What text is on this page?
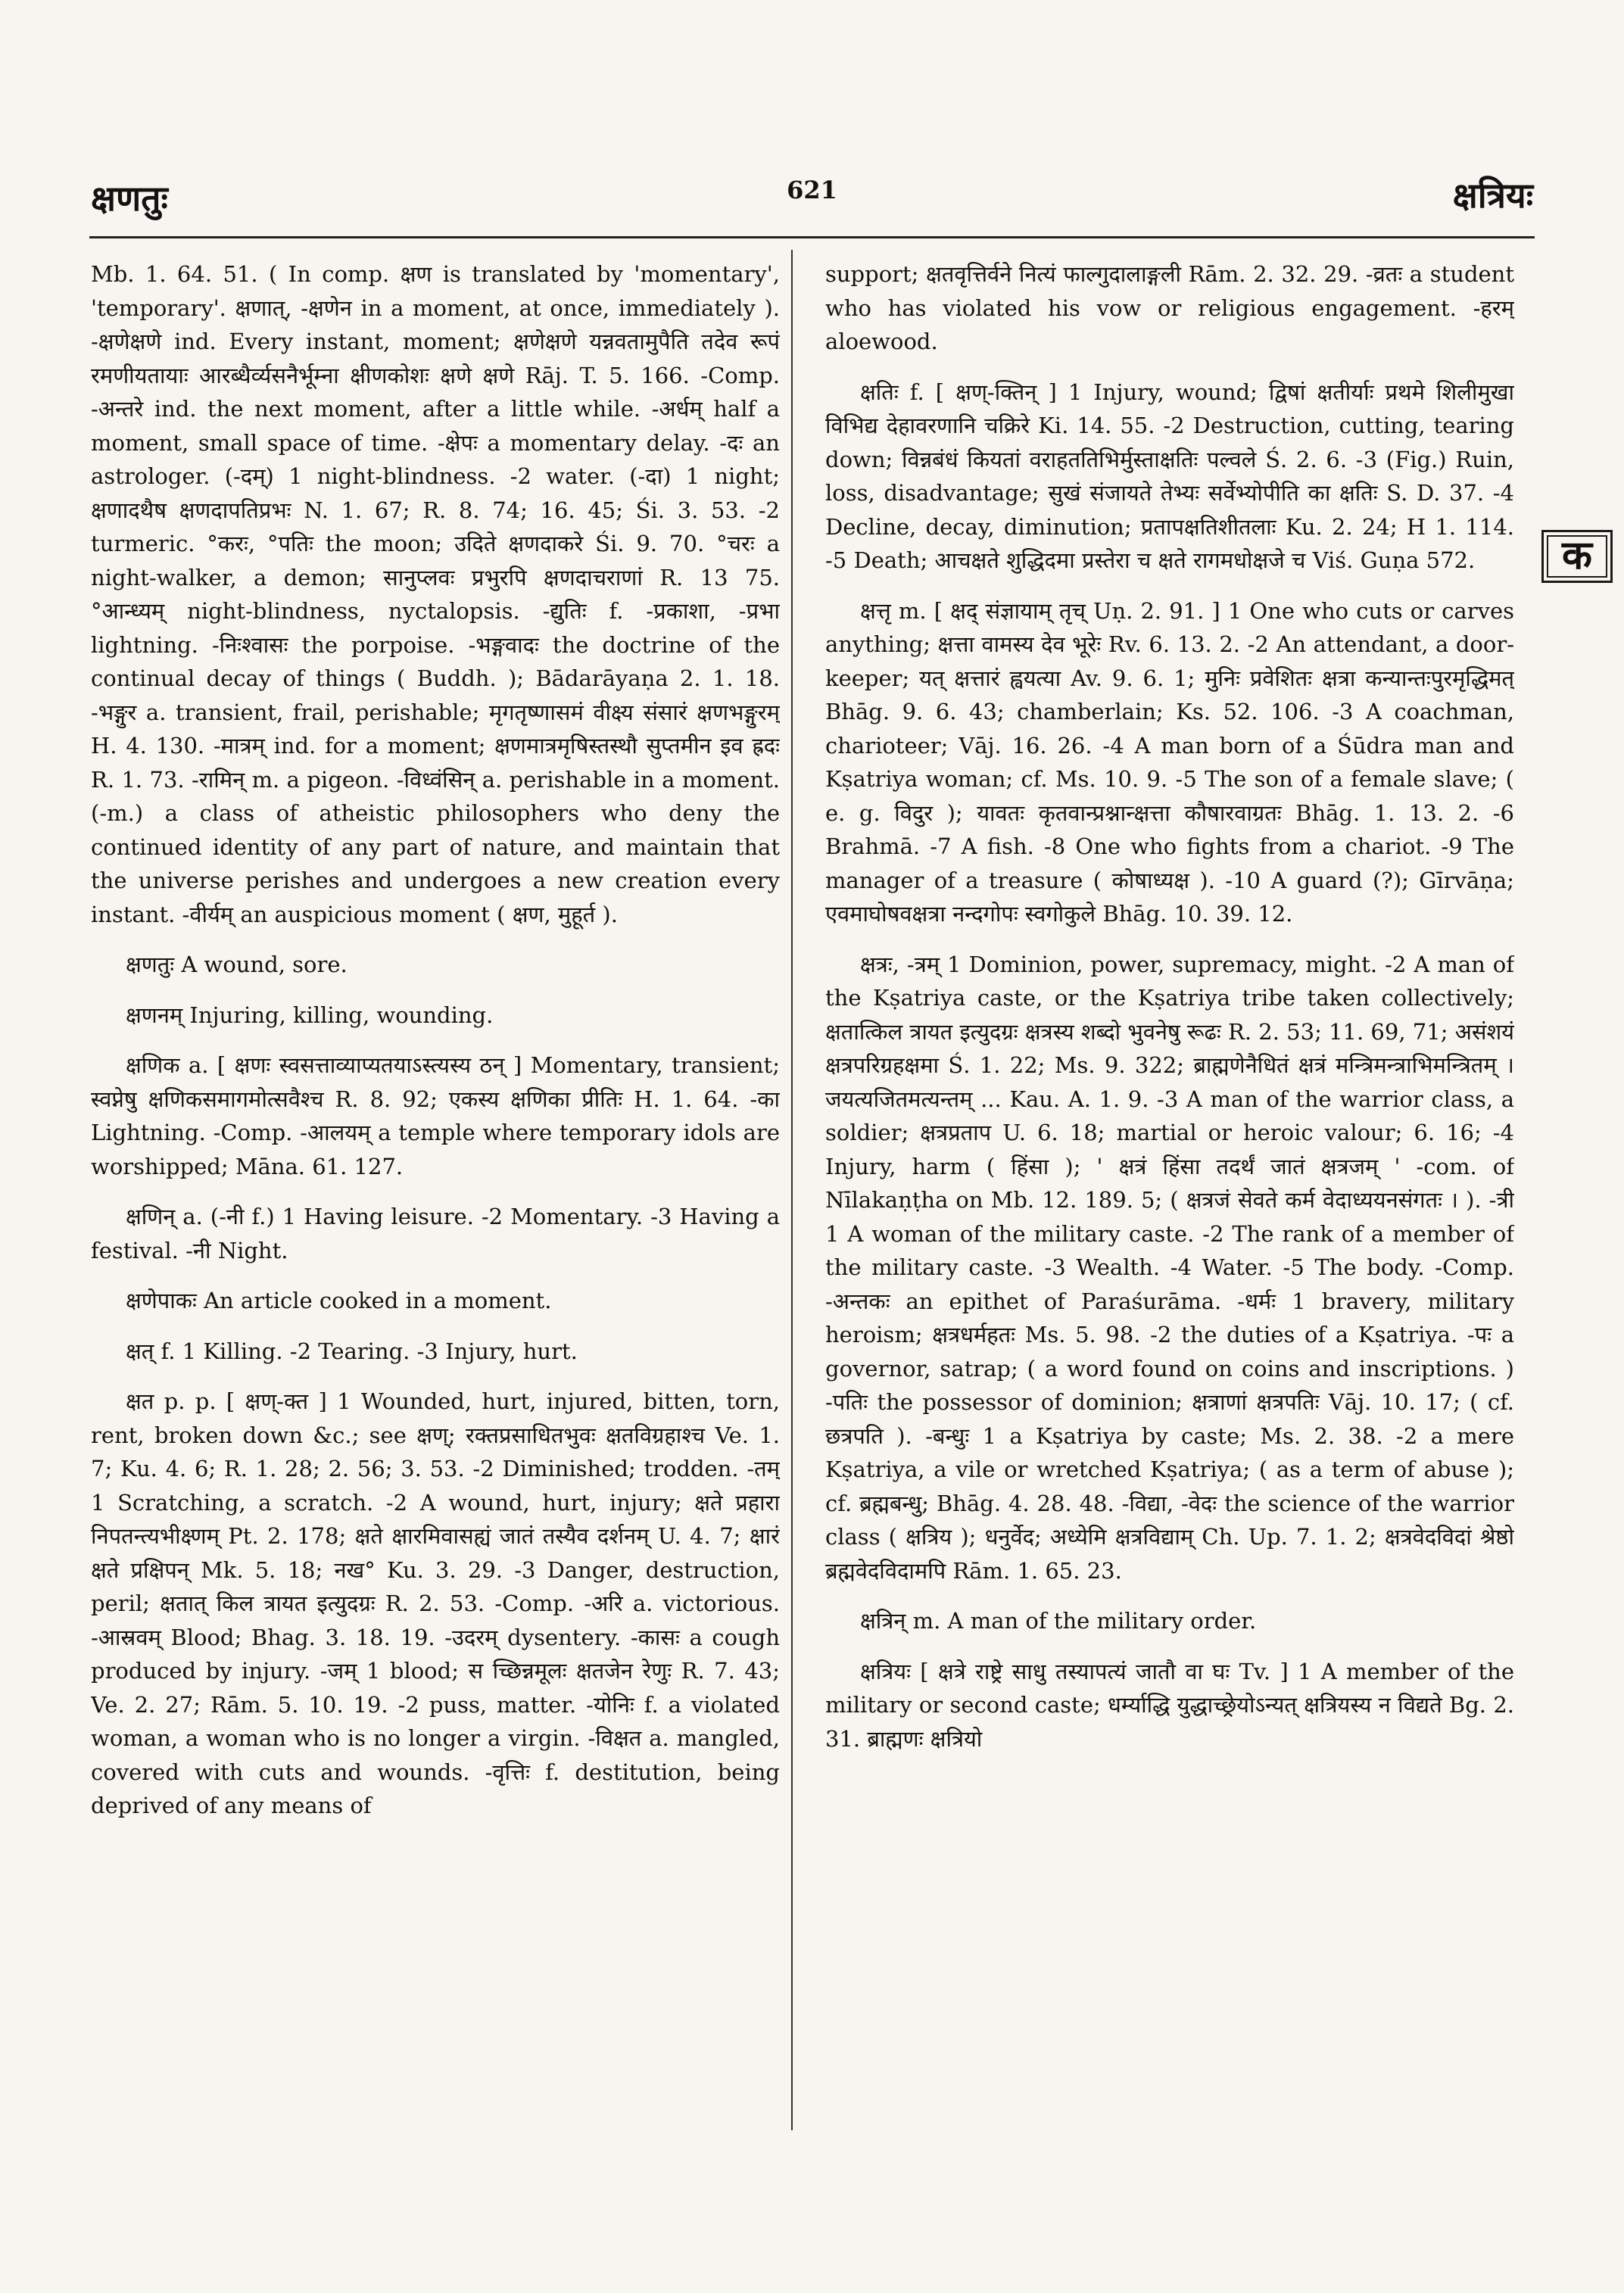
क्षणतुः	621	क्षत्रियः

Mb. 1. 64. 51. ( In comp. क्षण is translated by 'momentary', 'temporary'. क्षणात्, -क्षणेन in a moment, at once, immediately ). -क्षणेक्षणे ind. Every instant, moment; क्षणेक्षणे यन्नवतामुपैति तदेव रूपं रमणीयतायाः आरब्धैर्व्यसनैर्भूम्ना क्षीणकोशः क्षणे क्षणे Rāj. T. 5. 166. -Comp. -अन्तरे ind. the next moment, after a little while. -अर्धम् half a moment, small space of time. -क्षेपः a momentary delay. -दः an astrologer. (-दम्) 1 night-blindness. -2 water. (-दा) 1 night; क्षणादथैष क्षणदापतिप्रभः N. 1. 67; R. 8. 74; 16. 45; Śi. 3. 53. -2 turmeric. °करः, °पतिः the moon; उदिते क्षणदाकरे Śi. 9. 70. °चरः a night-walker, a demon; सानुप्लवः प्रभुरपि क्षणदाचराणां R. 13 75. °आन्ध्यम् night-blindness, nyctalopsis. -द्युतिः f. -प्रकाशा, -प्रभा lightning. -निःश्वासः the porpoise. -भङ्गवादः the doctrine of the continual decay of things ( Buddh. ); Bādarāyaṇa 2. 1. 18. -भङ्गुर a. transient, frail, perishable; मृगतृष्णासमं वीक्ष्य संसारं क्षणभङ्गुरम् H. 4. 130. -मात्रम् ind. for a moment; क्षणमात्रमृषिस्तस्थौ सुप्तमीन इव ह्रदः R. 1. 73. -रामिन् m. a pigeon. -विध्वंसिन् a. perishable in a moment. (-m.) a class of atheistic philosophers who deny the continued identity of any part of nature, and maintain that the universe perishes and undergoes a new creation every instant. -वीर्यम् an auspicious moment ( क्षण, मुहूर्त ).

क्षणतुः A wound, sore.

क्षणनम् Injuring, killing, wounding.

क्षणिक a. [ क्षणः स्वसत्ताव्याप्यतयाऽस्त्यस्य ठन् ] Momentary, transient; स्वप्नेषु क्षणिकसमागमोत्सवैश्च R. 8. 92; एकस्य क्षणिका प्रीतिः H. 1. 64. -का Lightning. -Comp. -आलयम् a temple where temporary idols are worshipped; Māna. 61. 127.

क्षणिन् a. (-नी f.) 1 Having leisure. -2 Momentary. -3 Having a festival. -नी Night.

क्षणेपाकः An article cooked in a moment.

क्षत् f. 1 Killing. -2 Tearing. -3 Injury, hurt.

क्षत p. p. [ क्षण्-क्त ] 1 Wounded, hurt, injured, bitten, torn, rent, broken down &c.; see क्षण्; रक्तप्रसाधितभुवः क्षतविग्रहाश्च Ve. 1. 7; Ku. 4. 6; R. 1. 28; 2. 56; 3. 53. -2 Diminished; trodden. -तम् 1 Scratching, a scratch. -2 A wound, hurt, injury; क्षते प्रहारा निपतन्त्यभीक्ष्णम् Pt. 2. 178; क्षते क्षारमिवासह्यं जातं तस्यैव दर्शनम् U. 4. 7; क्षारं क्षते प्रक्षिपन् Mk. 5. 18; नख° Ku. 3. 29. -3 Danger, destruction, peril; क्षतात् किल त्रायत इत्युदग्रः R. 2. 53. -Comp. -अरि a. victorious. -आस्रवम् Blood; Bhag. 3. 18. 19. -उदरम् dysentery. -कासः a cough produced by injury. -जम् 1 blood; स च्छिन्नमूलः क्षतजेन रेणुः R. 7. 43; Ve. 2. 27; Rām. 5. 10. 19. -2 puss, matter. -योनिः f. a violated woman, a woman who is no longer a virgin. -विक्षत a. mangled, covered with cuts and wounds. -वृत्तिः f. destitution, being deprived of any means of

support; क्षतवृत्तिर्वने नित्यं फाल्गुदालाङ्गली Rām. 2. 32. 29. -व्रतः a student who has violated his vow or religious engagement. -हरम् aloewood.

क्षतिः f. [ क्षण्-क्तिन् ] 1 Injury, wound; द्विषां क्षतीर्याः प्रथमे शिलीमुखा विभिद्य देहावरणानि चक्रिरे Ki. 14. 55. -2 Destruction, cutting, tearing down; विन्नबंधं कियतां वराहततिभिर्मुस्ताक्षतिः पल्वले Ś. 2. 6. -3 (Fig.) Ruin, loss, disadvantage; सुखं संजायते तेभ्यः सर्वेभ्योपीति का क्षतिः S. D. 37. -4 Decline, decay, diminution; प्रतापक्षतिशीतलाः Ku. 2. 24; H 1. 114. -5 Death; आचक्षते शुद्धिदमा प्रस्तेरा च क्षते रागमधोक्षजे च Viś. Guṇa 572.

क्षत्तृ m. [ क्षद् संज्ञायाम् तृच् Uṇ. 2. 91. ] 1 One who cuts or carves anything; क्षत्ता वामस्य देव भूरेः Rv. 6. 13. 2. -2 An attendant, a door-keeper; यत् क्षत्तारं ह्वयत्या Av. 9. 6. 1; मुनिः प्रवेशितः क्षत्रा कन्यान्तःपुरमृद्धिमत् Bhāg. 9. 6. 43; chamberlain; Ks. 52. 106. -3 A coachman, charioteer; Vāj. 16. 26. -4 A man born of a Śūdra man and Kṣatriya woman; cf. Ms. 10. 9. -5 The son of a female slave; ( e. g. विदुर ); यावतः कृतवान्प्रश्नान्क्षत्ता कौषारवाग्रतः Bhāg. 1. 13. 2. -6 Brahmā. -7 A fish. -8 One who fights from a chariot. -9 The manager of a treasure ( कोषाध्यक्ष ). -10 A guard (?); Gīrvāṇa; एवमाघोषवक्षत्रा नन्दगोपः स्वगोकुले Bhāg. 10. 39. 12.

क्षत्रः, -त्रम् 1 Dominion, power, supremacy, might. -2 A man of the Kṣatriya caste, or the Kṣatriya tribe taken collectively; क्षतात्किल त्रायत इत्युदग्रः क्षत्रस्य शब्दो भुवनेषु रूढः R. 2. 53; 11. 69, 71; असंशयं क्षत्रपरिग्रहक्षमा Ś. 1. 22; Ms. 9. 322; ब्राह्मणेनैधितं क्षत्रं मन्त्रिमन्त्राभिमन्त्रितम् । जयत्यजितमत्यन्तम् ... Kau. A. 1. 9. -3 A man of the warrior class, a soldier; क्षत्रप्रताप U. 6. 18; martial or heroic valour; 6. 16; -4 Injury, harm ( हिंसा ); ' क्षत्रं हिंसा तदर्थं जातं क्षत्रजम् ' -com. of Nīlakaṇṭha on Mb. 12. 189. 5; ( क्षत्रजं सेवते कर्म वेदाध्ययनसंगतः । ). -त्री 1 A woman of the military caste. -2 The rank of a member of the military caste. -3 Wealth. -4 Water. -5 The body. -Comp. -अन्तकः an epithet of Paraśurāma. -धर्मः 1 bravery, military heroism; क्षत्रधर्महतः Ms. 5. 98. -2 the duties of a Kṣatriya. -पः a governor, satrap; ( a word found on coins and inscriptions. ) -पतिः the possessor of dominion; क्षत्राणां क्षत्रपतिः Vāj. 10. 17; ( cf. छत्रपति ). -बन्धुः 1 a Kṣatriya by caste; Ms. 2. 38. -2 a mere Kṣatriya, a vile or wretched Kṣatriya; ( as a term of abuse ); cf. ब्रह्मबन्धु; Bhāg. 4. 28. 48. -विद्या, -वेदः the science of the warrior class ( क्षत्रिय ); धनुर्वेद; अध्येमि क्षत्रविद्याम् Ch. Up. 7. 1. 2; क्षत्रवेदविदां श्रेष्ठो ब्रह्मवेदविदामपि Rām. 1. 65. 23.

क्षत्रिन् m. A man of the military order.

क्षत्रियः [ क्षत्रे राष्ट्रे साधु तस्यापत्यं जातौ वा घः Tv. ] 1 A member of the military or second caste; धर्म्याद्धि युद्धाच्छ्रेयोऽन्यत् क्षत्रियस्य न विद्यते Bg. 2. 31. ब्राह्मणः क्षत्रियो

क
